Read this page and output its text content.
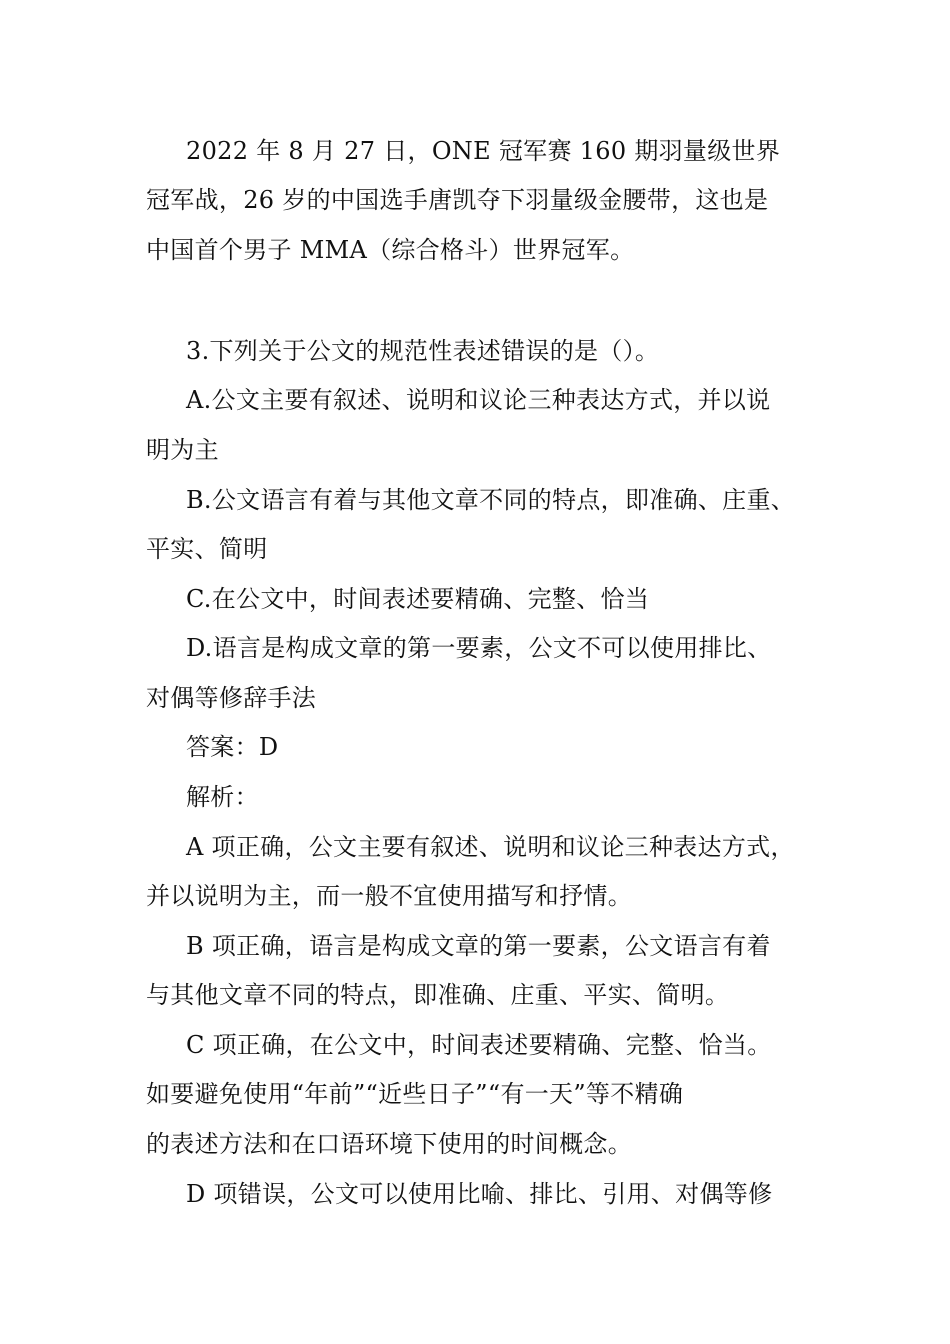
2022 年 8 月 27 日，ONE 冠军赛 160 期羽量级世界
冠军战，26 岁的中国选手唐凯夺下羽量级金腰带，这也是
中国首个男子 MMA（综合格斗）世界冠军。
3.下列关于公文的规范性表述错误的是（）。
A.公文主要有叙述、说明和议论三种表达方式，并以说
明为主
B.公文语言有着与其他文章不同的特点，即准确、庄重、
平实、简明
C.在公文中，时间表述要精确、完整、恰当
D.语言是构成文章的第一要素，公文不可以使用排比、
对偶等修辞手法
答案：D
解析：
A 项正确，公文主要有叙述、说明和议论三种表达方式，
并以说明为主，而一般不宜使用描写和抒情。
B 项正确，语言是构成文章的第一要素，公文语言有着
与其他文章不同的特点，即准确、庄重、平实、简明。
C 项正确，在公文中，时间表述要精确、完整、恰当。
如要避免使用“年前”“近些日子”“有一天”等不精确
的表述方法和在口语环境下使用的时间概念。
D 项错误，公文可以使用比喻、排比、引用、对偶等修
